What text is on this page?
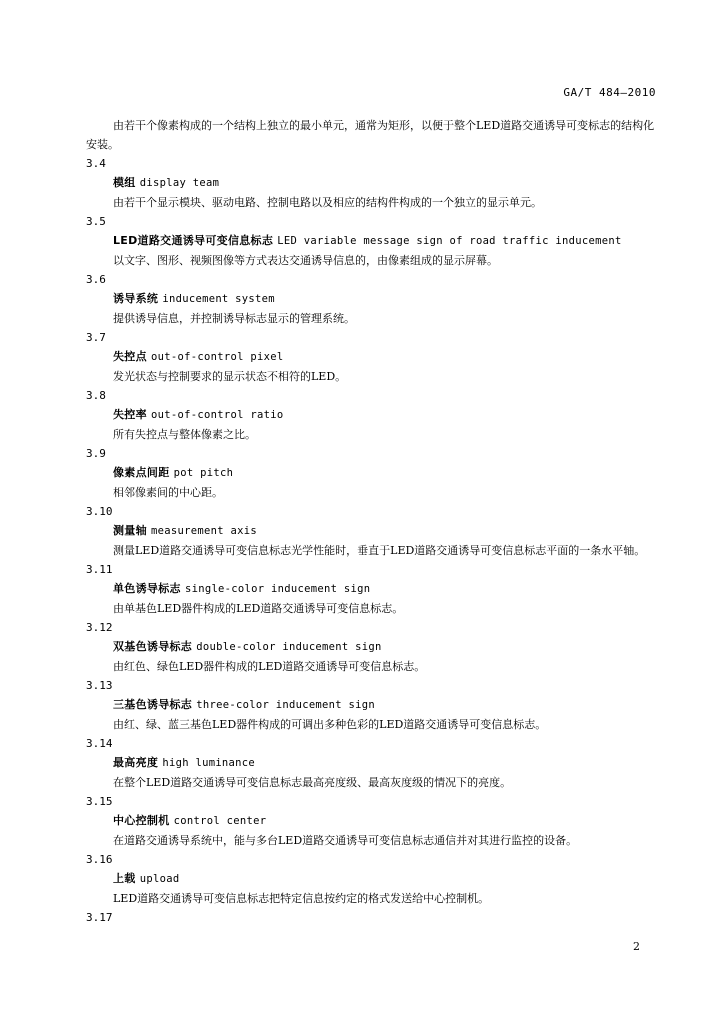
GA/T 484—2010
由若干个像素构成的一个结构上独立的最小单元，通常为矩形，以便于整个LED道路交通诱导可变标志的结构化安装。
3.4
模组 display team
由若干个显示模块、驱动电路、控制电路以及相应的结构件构成的一个独立的显示单元。
3.5
LED道路交通诱导可变信息标志 LED variable message sign of road traffic inducement
以文字、图形、视频图像等方式表达交通诱导信息的，由像素组成的显示屏幕。
3.6
诱导系统 inducement system
提供诱导信息，并控制诱导标志显示的管理系统。
3.7
失控点 out-of-control pixel
发光状态与控制要求的显示状态不相符的LED。
3.8
失控率 out-of-control ratio
所有失控点与整体像素之比。
3.9
像素点间距 pot pitch
相邻像素间的中心距。
3.10
测量轴 measurement axis
测量LED道路交通诱导可变信息标志光学性能时，垂直于LED道路交通诱导可变信息标志平面的一条水平轴。
3.11
单色诱导标志 single-color inducement sign
由单基色LED器件构成的LED道路交通诱导可变信息标志。
3.12
双基色诱导标志 double-color inducement sign
由红色、绿色LED器件构成的LED道路交通诱导可变信息标志。
3.13
三基色诱导标志 three-color inducement sign
由红、绿、蓝三基色LED器件构成的可调出多种色彩的LED道路交通诱导可变信息标志。
3.14
最高亮度 high luminance
在整个LED道路交通诱导可变信息标志最高亮度级、最高灰度级的情况下的亮度。
3.15
中心控制机 control center
在道路交通诱导系统中，能与多台LED道路交通诱导可变信息标志通信并对其进行监控的设备。
3.16
上载 upload
LED道路交通诱导可变信息标志把特定信息按约定的格式发送给中心控制机。
3.17
2
